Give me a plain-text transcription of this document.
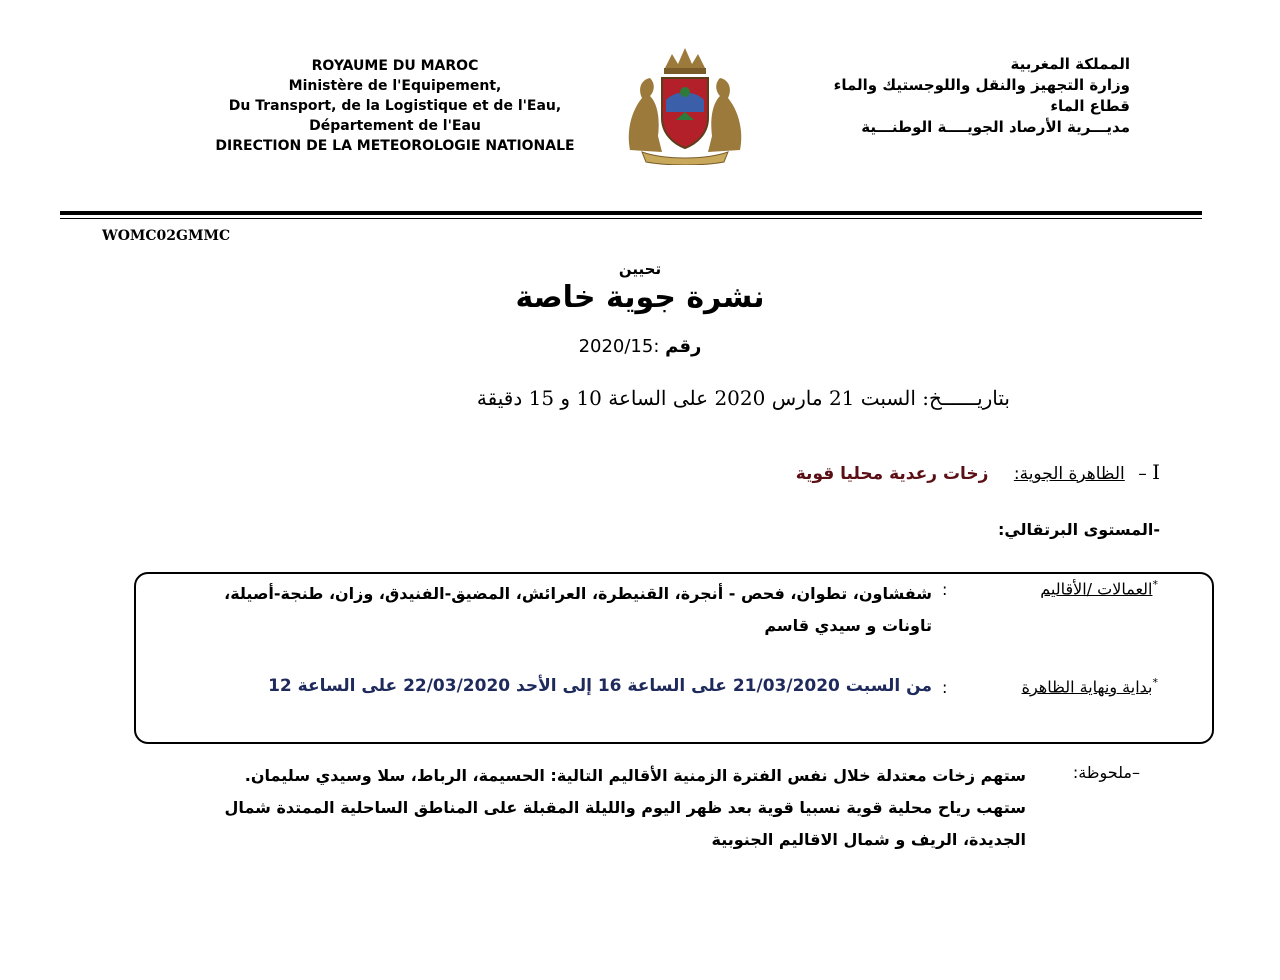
ROYAUME DU MAROC
Ministère de l'Equipement,
Du Transport, de la Logistique et de l'Eau,
Département de l'Eau
DIRECTION DE LA METEOROLOGIE NATIONALE
المملكة المغربية
وزارة التجهيز والنقل واللوجستيك والماء
قطاع الماء
مديـــرية الأرصاد الجويــــة الوطنـــية
WOMC02GMMC
تحيين
نشرة جوية خاصة
رقم :2020/15
بتاريــــــخ: السبت 21 مارس 2020 على الساعة 10 و 15 دقيقة
I – الظاهرة الجوية: زخات رعدية محليا قوية
-المستوى البرتقالي:
*العمالات /الأقاليم
:
شفشاون، تطوان، فحص - أنجرة، القنيطرة، العرائش، المضيق-الفنيدق، وزان، طنجة-أصيلة،
تاونات و سيدي قاسم
*بداية ونهاية الظاهرة
:
من السبت 21/03/2020 على الساعة 16 إلى الأحد 22/03/2020 على الساعة 12
–ملحوظة:
ستهم زخات معتدلة خلال نفس الفترة الزمنية الأقاليم التالية: الحسيمة، الرباط، سلا وسيدي سليمان.
ستهب رياح محلية قوية نسبيا قوية بعد ظهر اليوم والليلة المقبلة على المناطق الساحلية الممتدة شمال
الجديدة، الريف و شمال الاقاليم الجنوبية
